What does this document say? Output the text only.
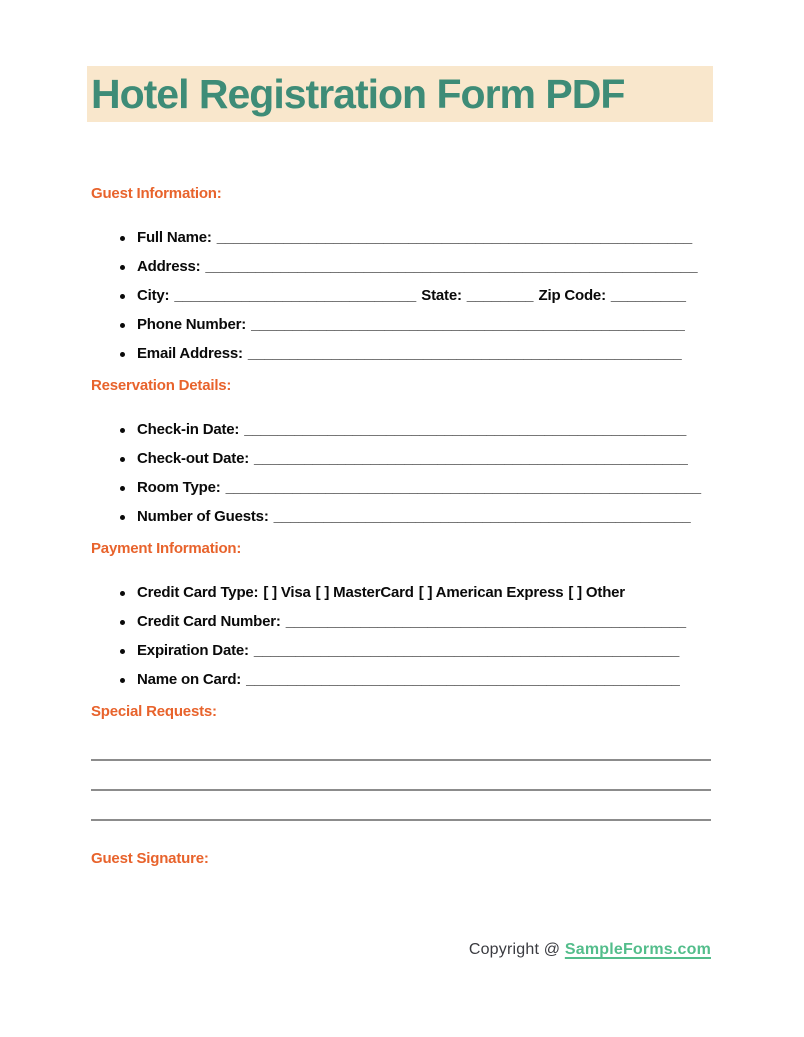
Hotel Registration Form PDF
Guest Information:
Full Name: _________________________________________________________
Address: ___________________________________________________________
City: _____________________________ State: ________ Zip Code: _________
Phone Number: ____________________________________________________
Email Address: ____________________________________________________
Reservation Details:
Check-in Date: _____________________________________________________
Check-out Date: ____________________________________________________
Room Type: _________________________________________________________
Number of Guests: __________________________________________________
Payment Information:
Credit Card Type: [ ] Visa [ ] MasterCard [ ] American Express [ ] Other
Credit Card Number: ________________________________________________
Expiration Date: ___________________________________________________
Name on Card: ____________________________________________________
Special Requests:
Guest Signature:
Copyright @ SampleForms.com
